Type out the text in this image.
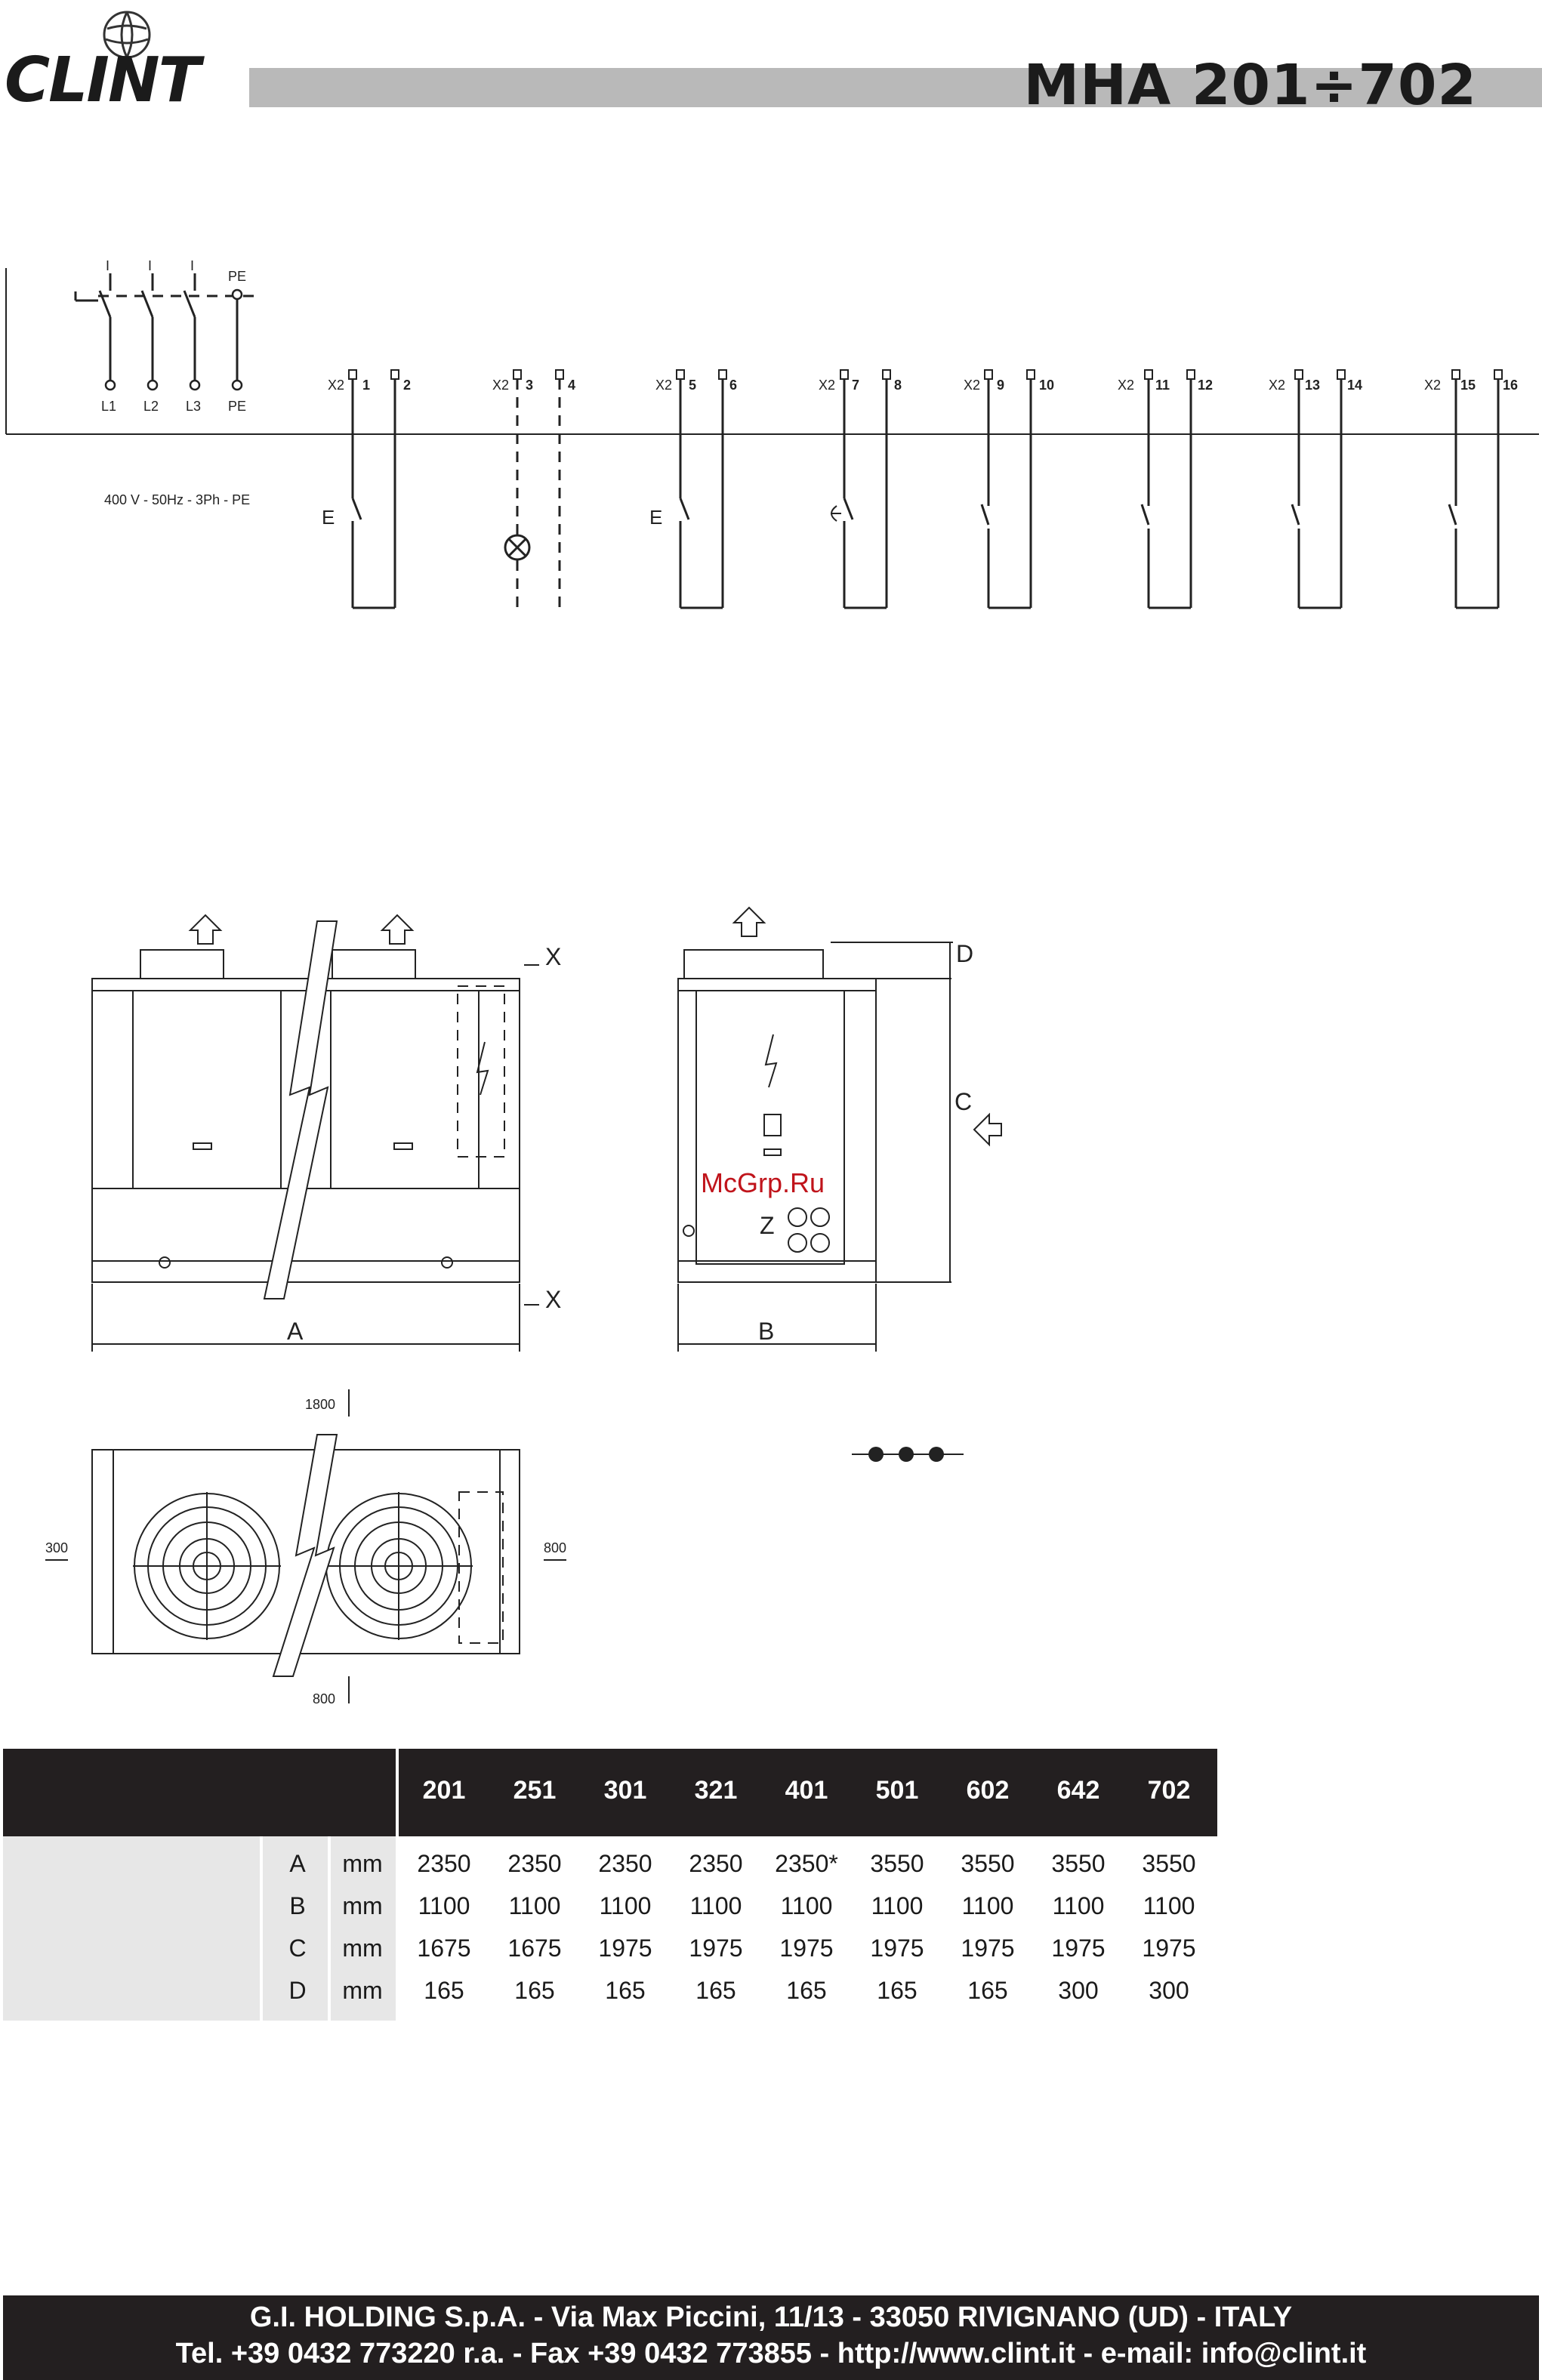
CLINT	MHA 201÷702
I	I	I
PE
L1 L2 L3 PE
400 V - 50Hz - 3Ph - PE
X2 1 2	X2 3	4	X2 5 6	X2 7	8	X2 9	10	X2 11 12	X2 13 14	X2 15 16
E	E
A
X
X
B
C
D
Z
1800
300	800
800
McGrp.Ru
201	251	301	321	401	501	602	642	702
A mm	2350	2350	2350	2350	2350*	3550	3550	3550	3550
B mm	1100	1100	1100	1100	1100	1100	1100	1100	1100
C mm	1675	1675	1975	1975	1975	1975	1975	1975	1975
D mm	165	165	165	165	165	165	165	300	300
G.I. HOLDING S.p.A. - Via Max Piccini, 11/13 - 33050 RIVIGNANO (UD) - ITALY
Tel. +39 0432 773220 r.a. - Fax +39 0432 773855 - http://www.clint.it - e-mail: info@clint.it
